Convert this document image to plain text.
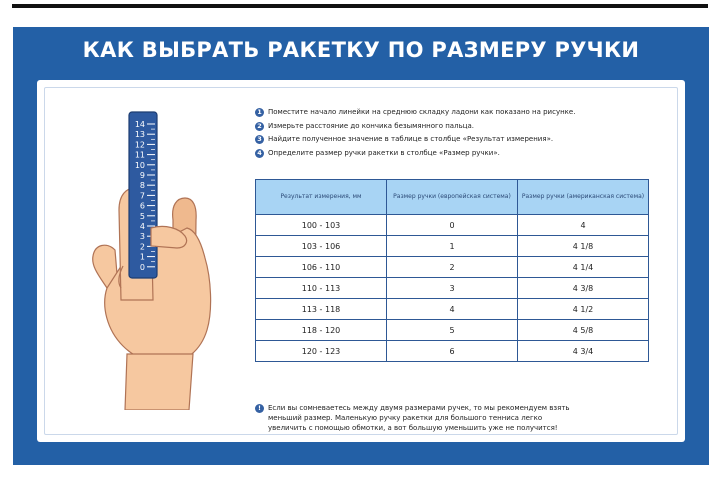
КАК ВЫБРАТЬ РАКЕТКУ ПО РАЗМЕРУ РУЧКИ
14
13
12
11
10
9
8
7
6
5
4
3
2
1
0
1 Поместите начало линейки на среднюю складку ладони как показано на рисунке.
2 Измерьте расстояние до кончика безымянного пальца.
3 Найдите полученное значение в таблице в столбце «Результат измерения».
4 Определите размер ручки ракетки в столбце «Размер ручки».
Результат измерения, мм	Размер ручки (европейская система)	Размер ручки (американская система)
100 - 103	0	4
103 - 106	1	4 1/8
106 - 110	2	4 1/4
110 - 113	3	4 3/8
113 - 118	4	4 1/2
118 - 120	5	4 5/8
120 - 123	6	4 3/4
!	Если вы сомневаетесь между двумя размерами ручек, то мы рекомендуем взять
меньший размер. Маленькую ручку ракетки для большого тенниса легко
увеличить с помощью обмотки, а вот большую уменьшить уже не получится!
